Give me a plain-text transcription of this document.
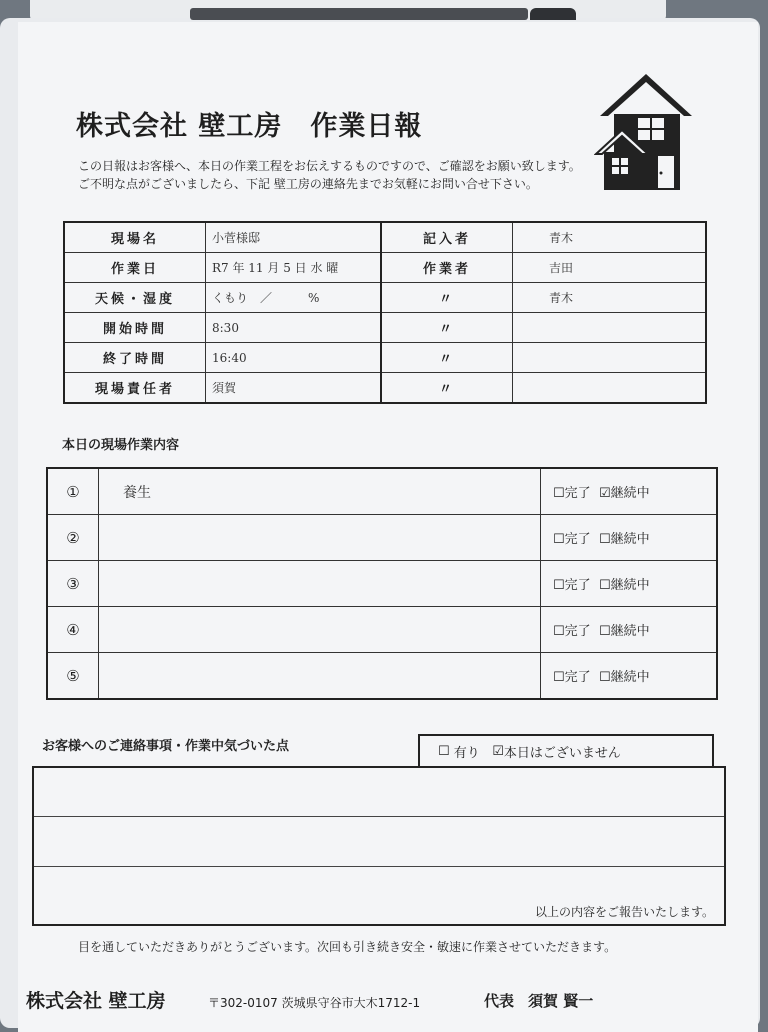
株式会社 壁工房　作業日報
この日報はお客様へ、本日の作業工程をお伝えするものですので、ご確認をお願い致します。
ご不明な点がございましたら、下記 壁工房の連絡先までお気軽にお問い合せ下さい。
現場名	小菅様邸	記入者	青木
作業日	R7 年 11 月 5 日 水 曜	作業者	吉田
天候・湿度	くもり　／　　　%	〃	青木
開始時間	8:30	〃	
終了時間	16:40	〃	
現場責任者	須賀	〃	
本日の現場作業内容
①	養生	☐完了 ☑継続中
②		☐完了 ☐継続中
③		☐完了 ☐継続中
④		☐完了 ☐継続中
⑤		☐完了 ☐継続中
お客様へのご連絡事項・作業中気づいた点	☐
有り
☑ 本日はございません
以上の内容をご報告いたします。
目を通していただきありがとうございます。次回も引き続き安全・敏速に作業させていただきます。
株式会社 壁工房	〒302-0107 茨城県守谷市大木1712-1	代表 須賀 賢一
